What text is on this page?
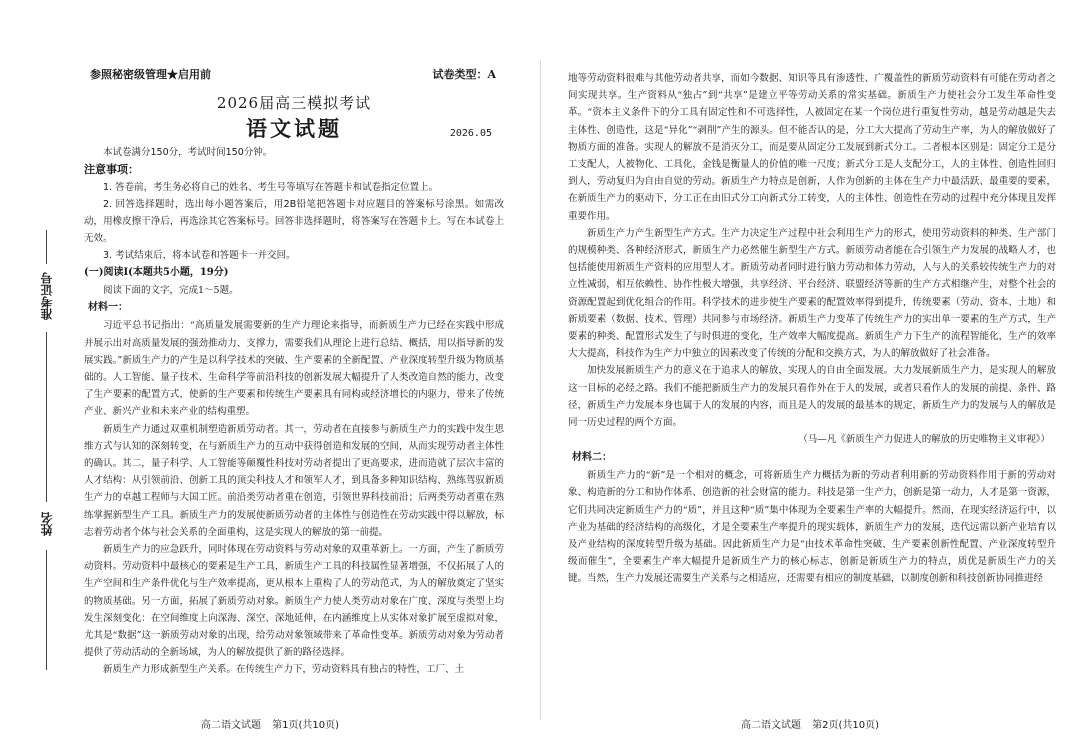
准考证号
姓名
参照秘密级管理★启用前	试卷类型：A
2026届高三模拟考试
语文试题	2026.05

本试卷满分150分，考试时间150分钟。

注意事项：

1. 答卷前，考生务必将自己的姓名、考生号等填写在答题卡和试卷指定位置上。

2. 回答选择题时，选出每小题答案后，用2B铅笔把答题卡对应题目的答案标号涂黑。如需改动，用橡皮擦干净后，再选涂其它答案标号。回答非选择题时，将答案写在答题卡上。写在本试卷上无效。

3. 考试结束后，将本试卷和答题卡一并交回。

(一)阅读Ⅰ(本题共5小题，19分)

阅读下面的文字，完成1～5题。

材料一：

习近平总书记指出：“高质量发展需要新的生产力理论来指导，而新质生产力已经在实践中形成并展示出对高质量发展的强劲推动力、支撑力，需要我们从理论上进行总结、概括，用以指导新的发展实践。”新质生产力的产生是以科学技术的突破、生产要素的全新配置、产业深度转型升级为物质基础的。人工智能、量子技术、生命科学等前沿科技的创新发展大幅提升了人类改造自然的能力，改变了生产要素的配置方式，使新的生产要素和传统生产要素具有同构或经济增长的内驱力，带来了传统产业、新兴产业和未来产业的结构重塑。

新质生产力通过双重机制塑造新质劳动者。其一，劳动者在直接参与新质生产力的实践中发生思维方式与认知的深刻转变，在与新质生产力的互动中获得创造和发展的空间，从而实现劳动者主体性的确认。其二，量子科学、人工智能等颠覆性科技对劳动者提出了更高要求，进而造就了层次丰富的人才结构：从引领前沿、创新工具的顶尖科技人才和领军人才，到具备多种知识结构、熟练驾驭新质生产力的卓越工程师与大国工匠。前沿类劳动者重在创造，引领世界科技前沿；后两类劳动者重在熟练掌握新型生产工具。新质生产力的发展使新质劳动者的主体性与创造性在劳动实践中得以解放，标志着劳动者个体与社会关系的全面重构，这是实现人的解放的第一前提。

新质生产力的应急跃升，同时体现在劳动资料与劳动对象的双重革新上。一方面，产生了新质劳动资料。劳动资料中最核心的要素是生产工具，新质生产工具的科技属性显著增强，不仅拓展了人的生产空间和生产条件优化与生产效率提高，更从根本上重构了人的劳动范式，为人的解放奠定了坚实的物质基础。另一方面，拓展了新质劳动对象。新质生产力使人类劳动对象在广度、深度与类型上均发生深刻变化：在空间维度上向深海、深空、深地延伸，在内涵维度上从实体对象扩展至虚拟对象，尤其是“数据”这一新质劳动对象的出现，给劳动对象领域带来了革命性变革。新质劳动对象为劳动者提供了劳动活动的全新场域，为人的解放提供了新的路径选择。

新质生产力形成新型生产关系。在传统生产力下，劳动资料具有独占的特性，工厂、土

高二语文试题 第1页(共10页)

地等劳动资料很难与其他劳动者共享，而如今数据、知识等具有渗透性、广覆盖性的新质劳动资料有可能在劳动者之间实现共享。生产资料从“独占”到“共享”是建立平等劳动关系的常实基础。新质生产力使社会分工发生革命性变革。“资本主义条件下的分工具有固定性和不可选择性，人被固定在某一个岗位进行重复性劳动，越是劳动越是失去主体性、创造性，这是“异化”“剥削”产生的源头。但不能否认的是，分工大大提高了劳动生产率，为人的解放做好了物质方面的准备。实现人的解放不是消灭分工，而是要从固定分工发展到新式分工。二者根本区别是：固定分工是分工支配人，人被物化、工具化，金钱是衡量人的价值的唯一尺度；新式分工是人支配分工，人的主体性、创造性回归到人，劳动复归为自由自觉的劳动。新质生产力特点是创新，人作为创新的主体在生产力中最活跃、最重要的要素，在新质生产力的驱动下，分工正在由旧式分工向新式分工转变，人的主体性、创造性在劳动的过程中充分体现且发挥重要作用。

新质生产力产生新型生产方式。生产力决定生产过程中社会利用生产力的形式，使用劳动资料的种类、生产部门的规模种类、各种经济形式，新质生产力必然催生新型生产方式。新质劳动者能在合引领生产力发展的战略人才，也包括能使用新质生产资料的应用型人才。新质劳动者同时进行脑力劳动和体力劳动，人与人的关系较传统生产力的对立性减弱，相互依赖性、协作性极大增强，共享经济、平台经济、联盟经济等新的生产方式相继产生，对整个社会的资源配置起到优化组合的作用。科学技术的进步使生产要素的配置效率得到提升，传统要素（劳动、资本、土地）和新质要素（数据、技术、管理）共同参与市场经济。新质生产力变革了传统生产力的实出单一要素的生产方式，生产要素的种类、配置形式发生了与时俱进的变化，生产效率大幅度提高。新质生产力下生产的流程智能化，生产的效率大大提高，科技作为生产力中独立的因素改变了传统的分配和交换方式，为人的解放做好了社会准备。

加快发展新质生产力的意义在于追求人的解放，实现人的自由全面发展。大力发展新质生产力，是实现人的解放这一目标的必经之路。我们不能把新质生产力的发展只看作外在于人的发展，或者只看作人的发展的前提、条件、路径，新质生产力发展本身也属于人的发展的内容，而且是人的发展的最基本的规定，新质生产力的发展与人的解放是同一历史过程的两个方面。

（马—凡《新质生产力促进人的解放的历史唯物主义审视》）

材料二：

新质生产力的“新”是一个相对的概念，可将新质生产力概括为新的劳动者利用新的劳动资料作用于新的劳动对象、构造新的分工和协作体系、创造新的社会财富的能力。科技是第一生产力，创新是第一动力，人才是第一资源，它们共同决定新质生产力的“质”，并且这种“质”集中体现为全要素生产率的大幅提升。然而，在现实经济运行中，以产业为基础的经济结构的高级化，才是全要素生产率提升的现实载体，新质生产力的发展，迭代远需以新产业培育以及产业结构的深度转型升级为基础。因此新质生产力是“由技术革命性突破、生产要素创新性配置、产业深度转型升级而催生”，全要素生产率大幅提升是新质生产力的核心标志，创新是新质生产力的特点，质优是新质生产力的关键。当然，生产力发展还需要生产关系与之相适应，还需要有相应的制度基础，以制度创新和科技创新协同推进经

高二语文试题 第2页(共10页)
